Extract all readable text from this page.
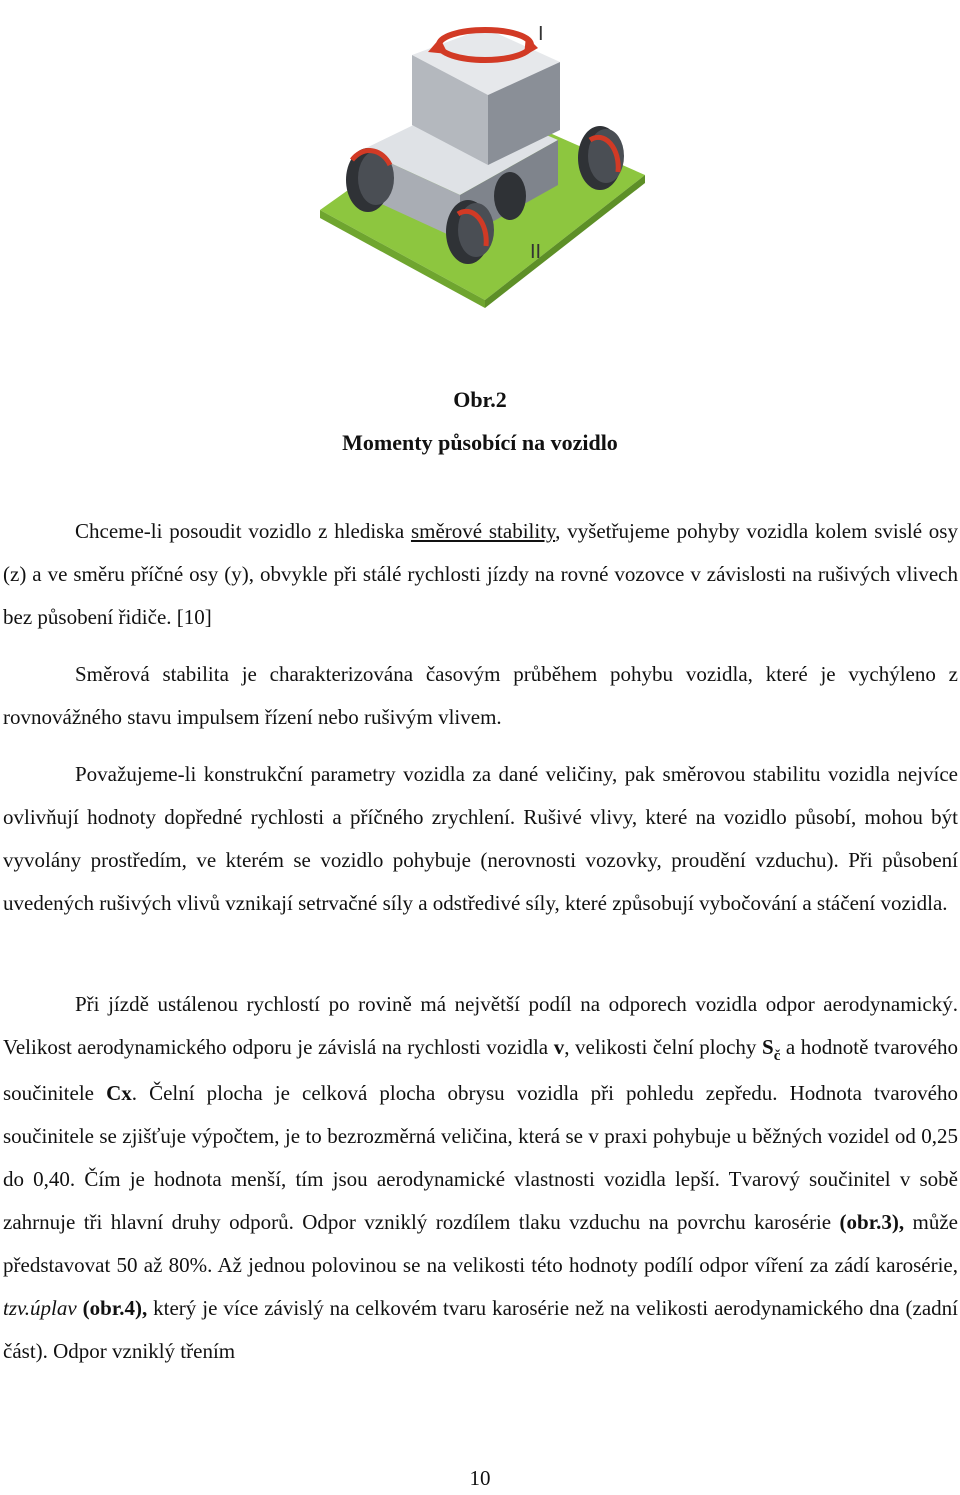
I
II
Obr.2
Momenty působící na vozidlo

Chceme-li posoudit vozidlo z hlediska směrové stability, vyšetřujeme pohyby vozidla kolem svislé osy (z) a ve směru příčné osy (y), obvykle při stálé rychlosti jízdy na rovné vozovce v závislosti na rušivých vlivech bez působení řidiče. [10]

Směrová stabilita je charakterizována časovým průběhem pohybu vozidla, které je vychýleno z rovnovážného stavu impulsem řízení nebo rušivým vlivem.

Považujeme-li konstrukční parametry vozidla za dané veličiny, pak směrovou stabilitu vozidla nejvíce ovlivňují hodnoty dopředné rychlosti a příčného zrychlení. Rušivé vlivy, které na vozidlo působí, mohou být vyvolány prostředím, ve kterém se vozidlo pohybuje (nerovnosti vozovky, proudění vzduchu). Při působení uvedených rušivých vlivů vznikají setrvačné síly a odstředivé síly, které způsobují vybočování a stáčení vozidla.

Při jízdě ustálenou rychlostí po rovině má největší podíl na odporech vozidla odpor aerodynamický. Velikost aerodynamického odporu je závislá na rychlosti vozidla v, velikosti čelní plochy $S_č$ a hodnotě tvarového součinitele Cx. Čelní plocha je celková plocha obrysu vozidla při pohledu zepředu. Hodnota tvarového součinitele se zjišťuje výpočtem, je to bezrozměrná veličina, která se v praxi pohybuje u běžných vozidel od 0,25 do 0,40. Čím je hodnota menší, tím jsou aerodynamické vlastnosti vozidla lepší. Tvarový součinitel v sobě zahrnuje tři hlavní druhy odporů. Odpor vzniklý rozdílem tlaku vzduchu na povrchu karosérie (obr.3), může představovat 50 až 80%. Až jednou polovinou se na velikosti této hodnoty podílí odpor víření za zádí karosérie, tzv.úplav (obr.4), který je více závislý na celkovém tvaru karosérie než na velikosti aerodynamického dna (zadní část). Odpor vzniklý třením

10
